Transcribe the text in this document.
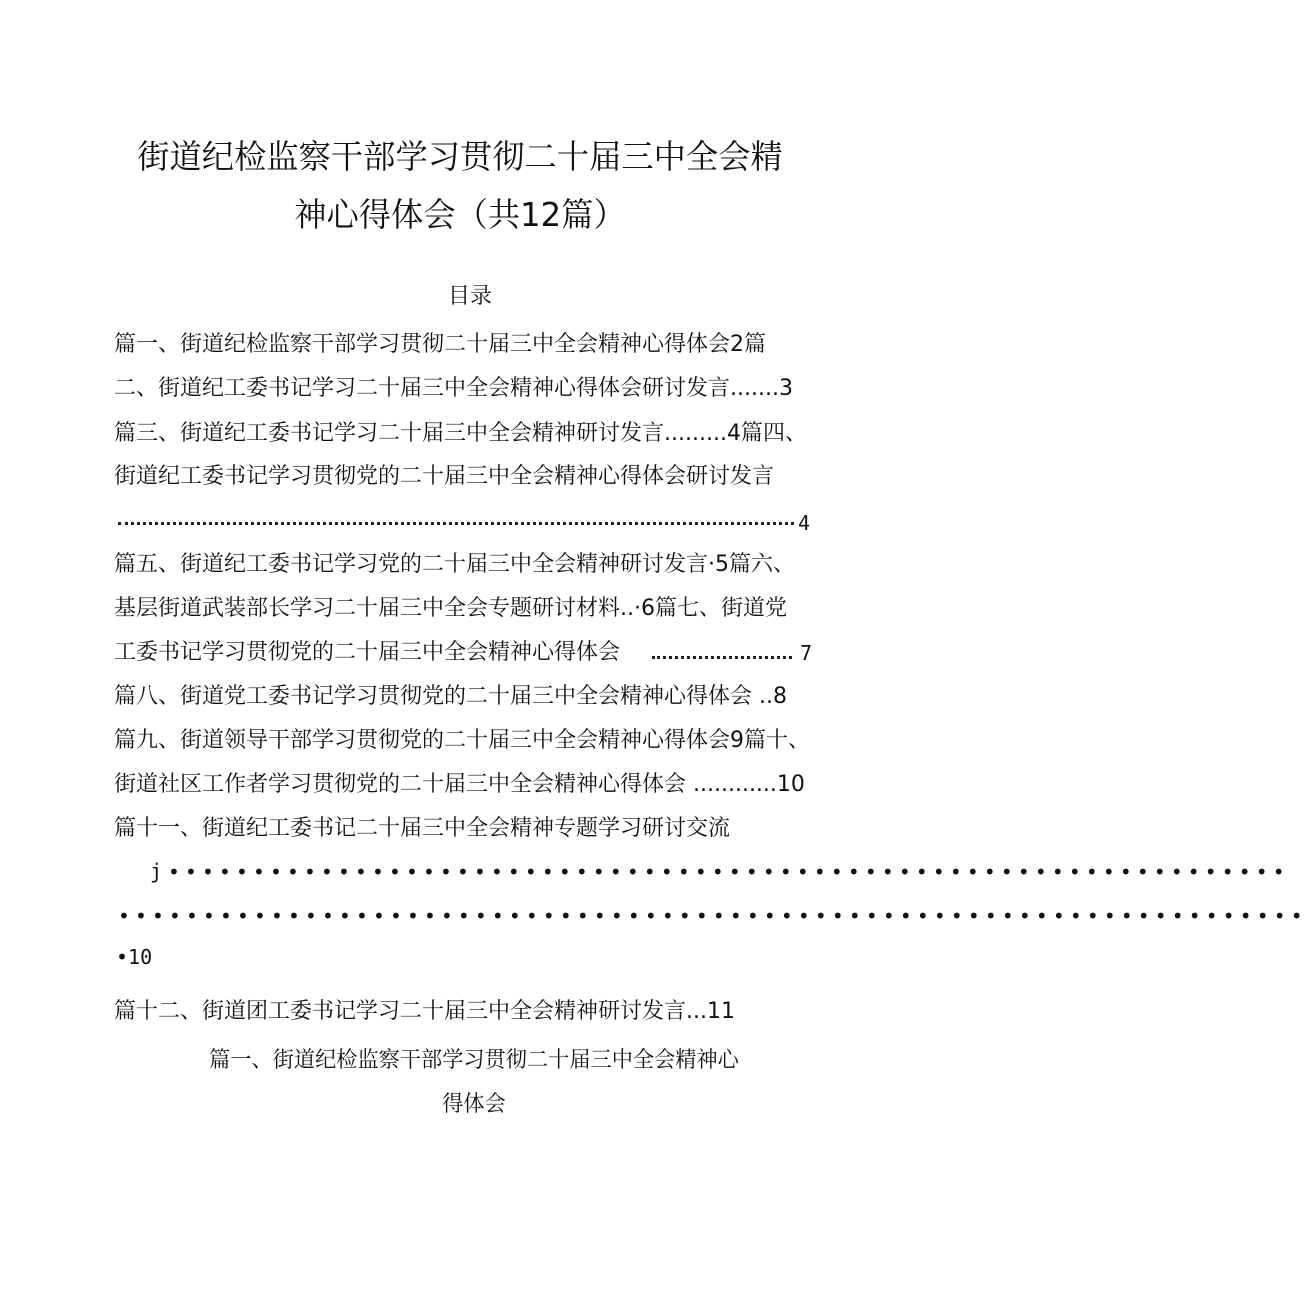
街道纪检监察干部学习贯彻二十届三中全会精
神心得体会（共12篇）
目录
篇一、街道纪检监察干部学习贯彻二十届三中全会精神心得体会2篇
二、街道纪工委书记学习二十届三中全会精神心得体会研讨发言.......3
篇三、街道纪工委书记学习二十届三中全会精神研讨发言.........4篇四、
街道纪工委书记学习贯彻党的二十届三中全会精神心得体会研讨发言
4
篇五、街道纪工委书记学习党的二十届三中全会精神研讨发言·5篇六、
基层街道武装部长学习二十届三中全会专题研讨材料..·6篇七、街道党
工委书记学习贯彻党的二十届三中全会精神心得体会	7
篇八、街道党工委书记学习贯彻党的二十届三中全会精神心得体会 ..8
篇九、街道领导干部学习贯彻党的二十届三中全会精神心得体会9篇十、
街道社区工作者学习贯彻党的二十届三中全会精神心得体会 ............10
篇十一、街道纪工委书记二十届三中全会精神专题学习研讨交流
j ••••••••••••••••••••••••••••••••••••••••••••••••••••••••••••••••••
••••••••••••••••••••••••••••••••••••••••••••••••••••••••••••••••••••••
•10
篇十二、街道团工委书记学习二十届三中全会精神研讨发言...11
篇一、街道纪检监察干部学习贯彻二十届三中全会精神心
得体会
